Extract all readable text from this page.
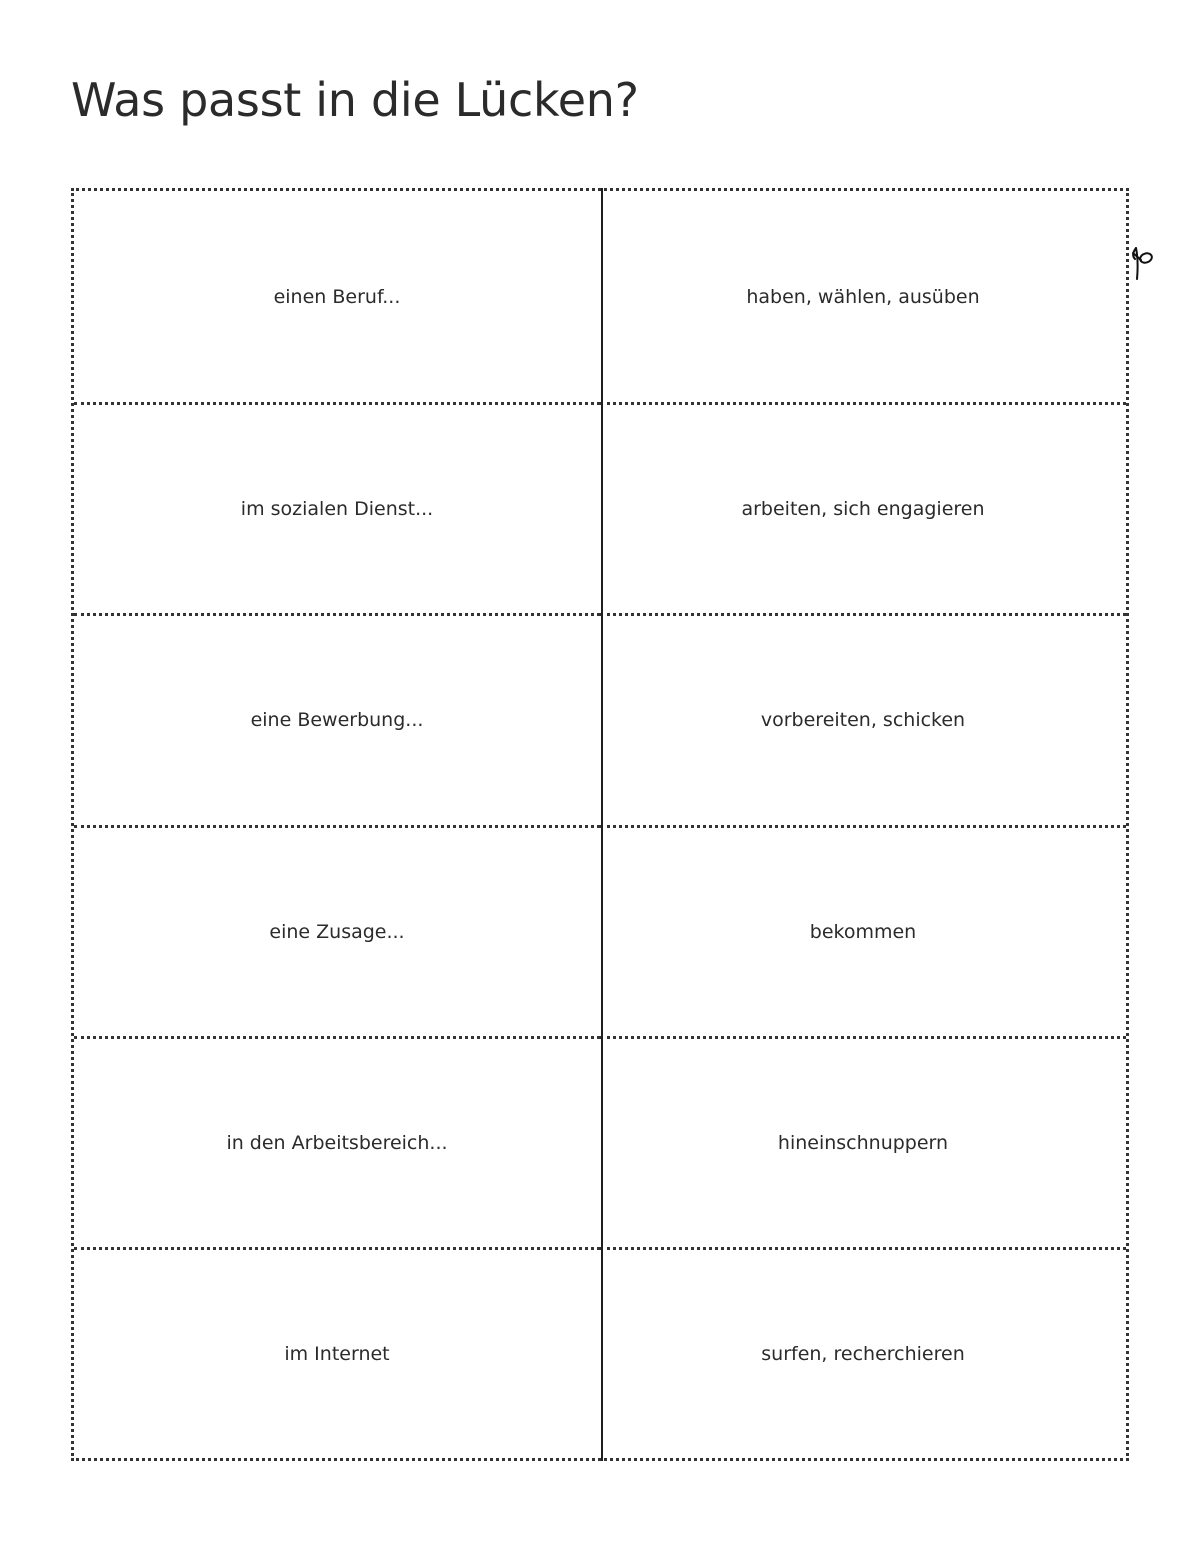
Was passt in die Lücken?
einen Beruf...	haben, wählen, ausüben
im sozialen Dienst...	arbeiten, sich engagieren
eine Bewerbung...	vorbereiten, schicken
eine Zusage...	bekommen
in den Arbeitsbereich...	hineinschnuppern
im Internet	surfen, recherchieren
